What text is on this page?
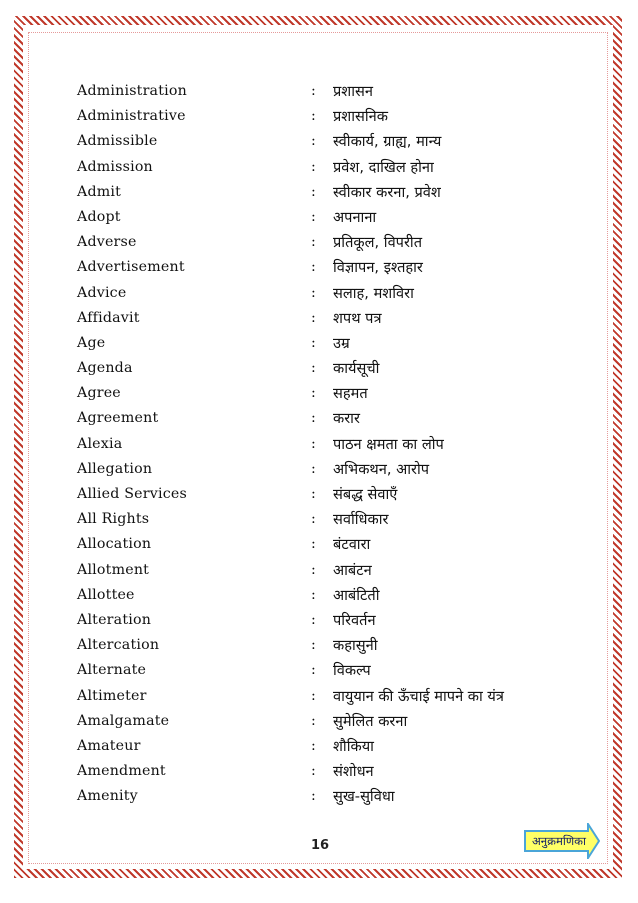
Administration	: प्रशासन
Administrative	: प्रशासनिक
Admissible	: स्वीकार्य, ग्राह्य, मान्य
Admission	: प्रवेश, दाखिल होना
Admit	: स्वीकार करना, प्रवेश
Adopt	: अपनाना
Adverse	: प्रतिकूल, विपरीत
Advertisement	: विज्ञापन, इश्तहार
Advice	: सलाह, मशविरा
Affidavit	: शपथ पत्र
Age	: उम्र
Agenda	: कार्यसूची
Agree	: सहमत
Agreement	: करार
Alexia	: पाठन क्षमता का लोप
Allegation	: अभिकथन, आरोप
Allied Services	: संबद्ध सेवाएँ
All Rights	: सर्वाधिकार
Allocation	: बंटवारा
Allotment	: आबंटन
Allottee	: आबंटिती
Alteration	: परिवर्तन
Altercation	: कहासुनी
Alternate	: विकल्प
Altimeter	: वायुयान की ऊँचाई मापने का यंत्र
Amalgamate	: सुमेलित करना
Amateur	: शौकिया
Amendment	: संशोधन
Amenity	: सुख-सुविधा
16	अनुक्रमणिका
